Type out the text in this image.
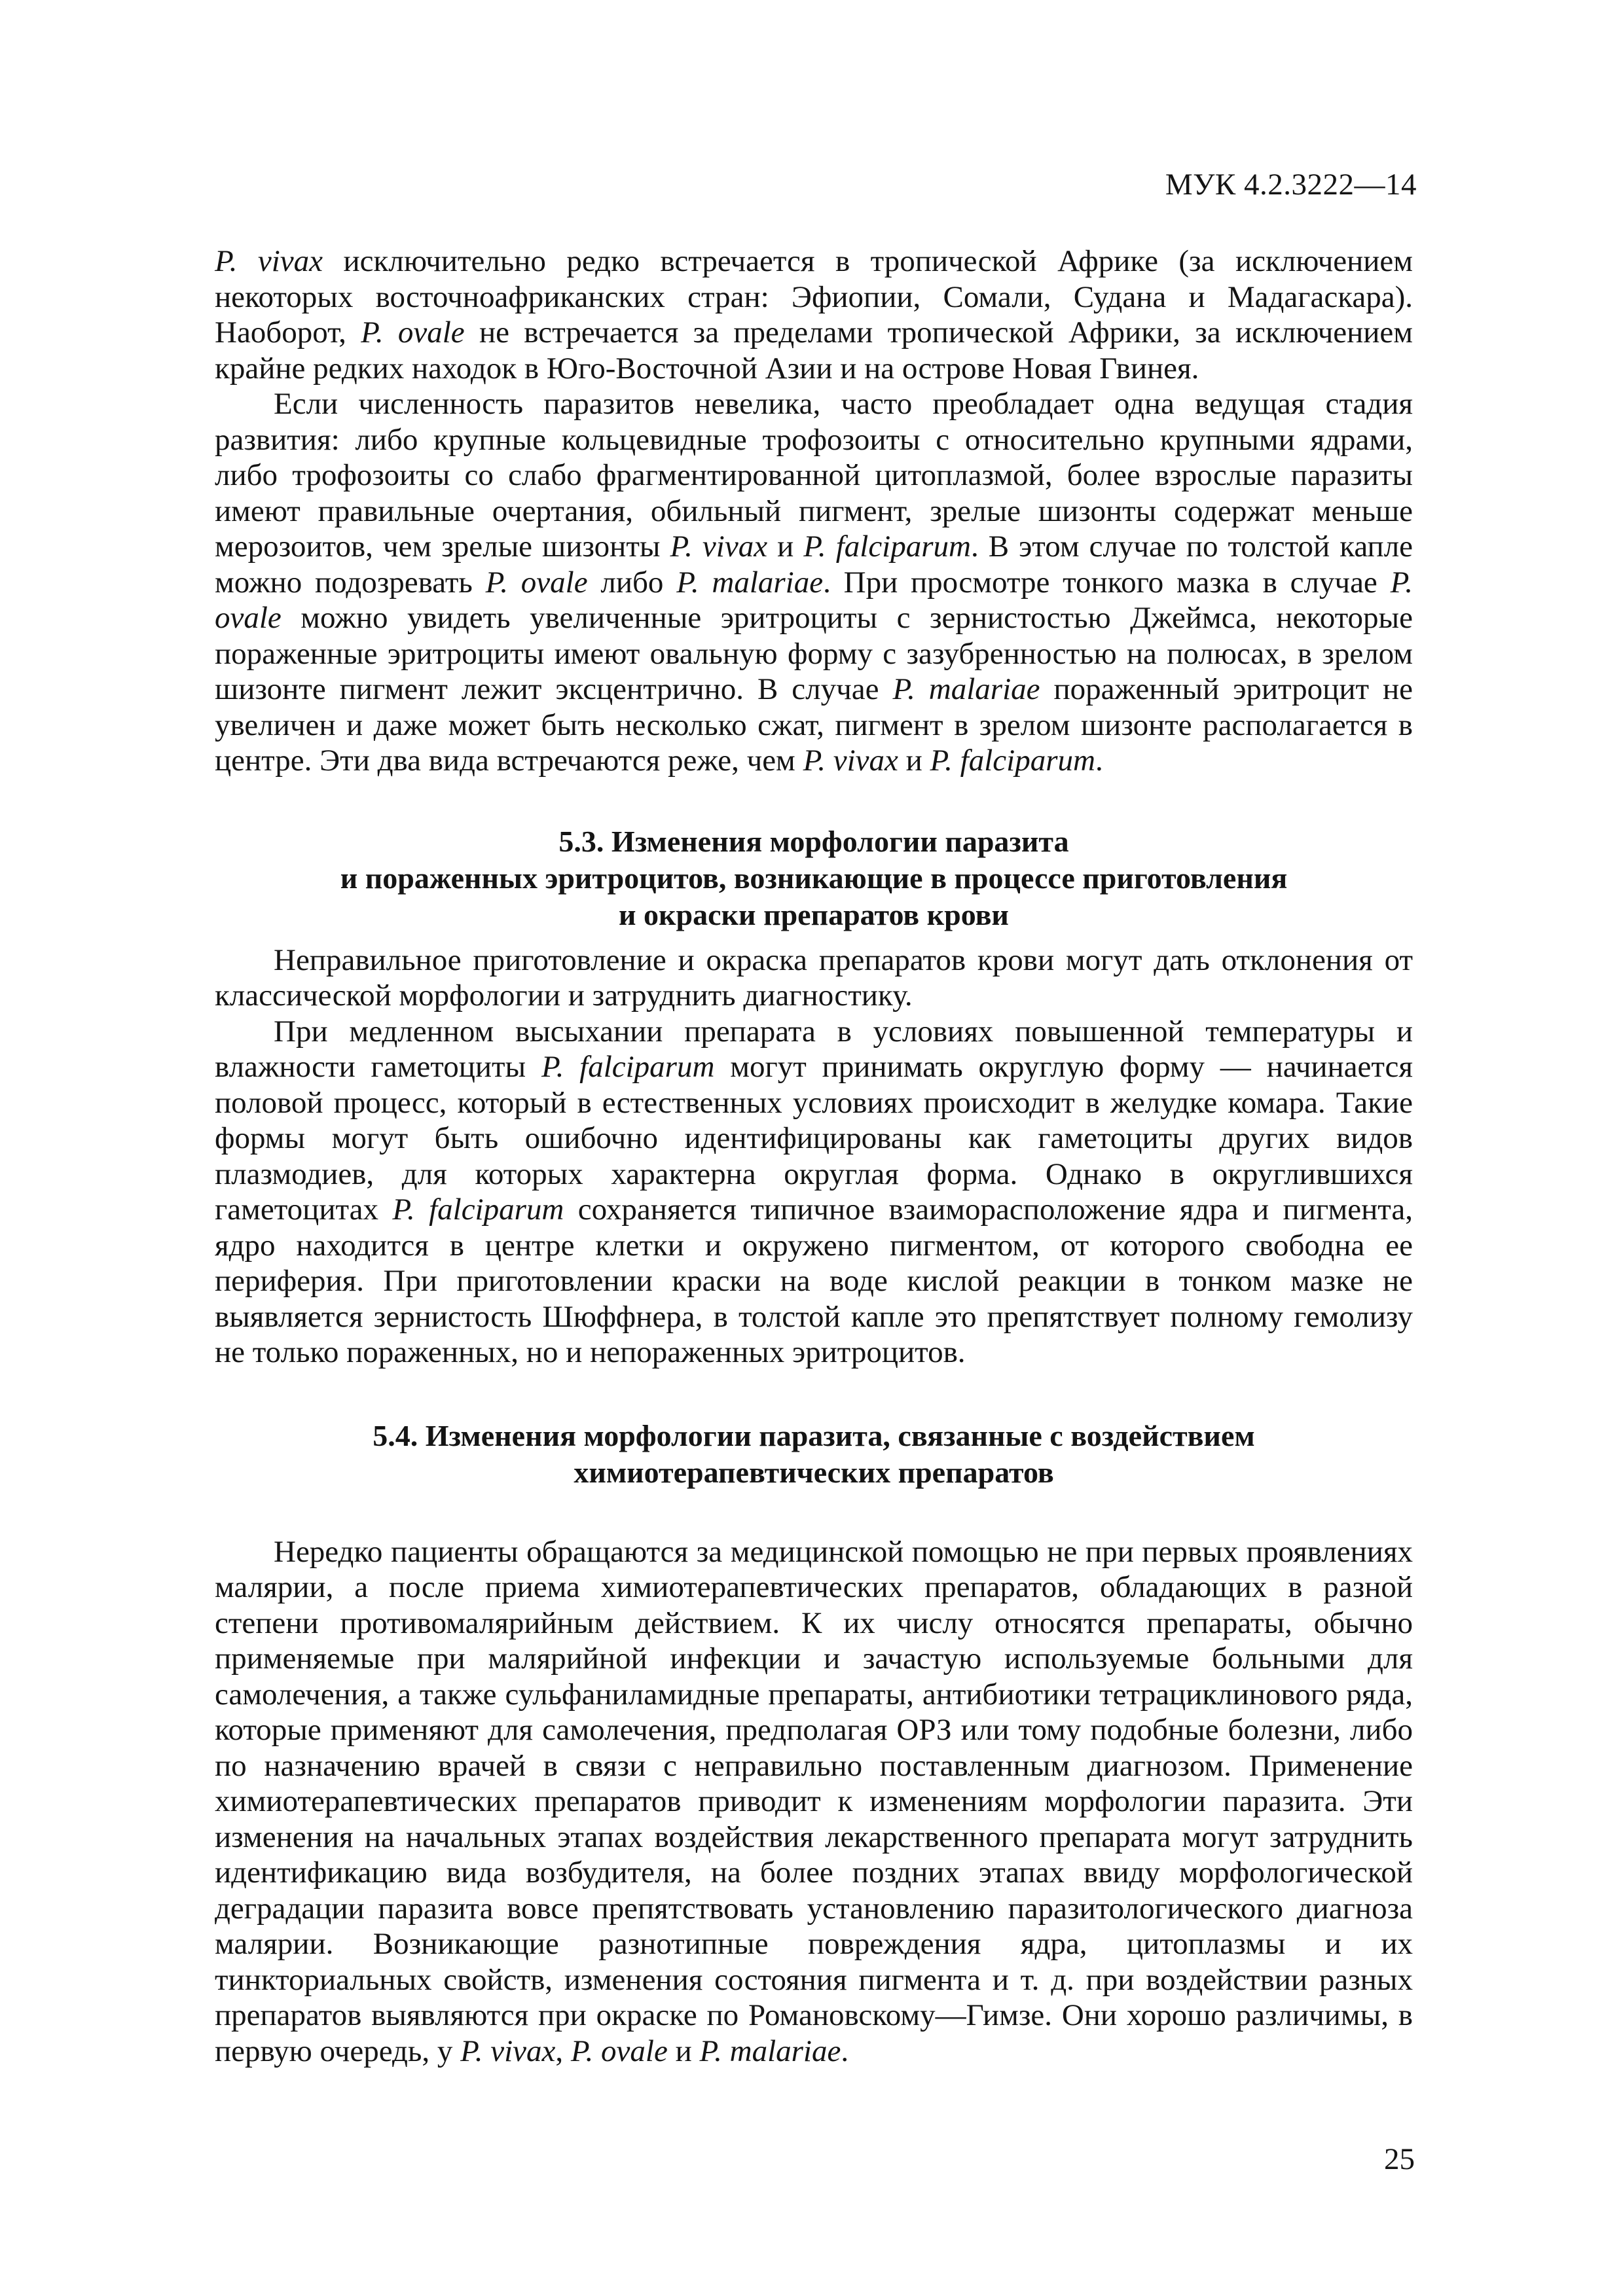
МУК 4.2.3222—14

P. vivax исключительно редко встречается в тропической Африке (за исключением некоторых восточноафриканских стран: Эфиопии, Сомали, Судана и Мадагаскара). Наоборот, P. ovale не встречается за пределами тропической Африки, за исключением крайне редких находок в Юго-Восточной Азии и на острове Новая Гвинея.

Если численность паразитов невелика, часто преобладает одна ведущая стадия развития: либо крупные кольцевидные трофозоиты с относительно крупными ядрами, либо трофозоиты со слабо фрагментированной цитоплазмой, более взрослые паразиты имеют правильные очертания, обильный пигмент, зрелые шизонты содержат меньше мерозоитов, чем зрелые шизонты P. vivax и P. falciparum. В этом случае по толстой капле можно подозревать P. ovale либо P. malariae. При просмотре тонкого мазка в случае P. ovale можно увидеть увеличенные эритроциты с зернистостью Джеймса, некоторые пораженные эритроциты имеют овальную форму с зазубренностью на полюсах, в зрелом шизонте пигмент лежит эксцентрично. В случае P. malariae пораженный эритроцит не увеличен и даже может быть несколько сжат, пигмент в зрелом шизонте располагается в центре. Эти два вида встречаются реже, чем P. vivax и P. falciparum.

5.3. Изменения морфологии паразита
и пораженных эритроцитов, возникающие в процессе приготовления
и окраски препаратов крови

Неправильное приготовление и окраска препаратов крови могут дать отклонения от классической морфологии и затруднить диагностику.

При медленном высыхании препарата в условиях повышенной температуры и влажности гаметоциты P. falciparum могут принимать округлую форму — начинается половой процесс, который в естественных условиях происходит в желудке комара. Такие формы могут быть ошибочно идентифицированы как гаметоциты других видов плазмодиев, для которых характерна округлая форма. Однако в округлившихся гаметоцитах P. falciparum сохраняется типичное взаиморасположение ядра и пигмента, ядро находится в центре клетки и окружено пигментом, от которого свободна ее периферия. При приготовлении краски на воде кислой реакции в тонком мазке не выявляется зернистость Шюффнера, в толстой капле это препятствует полному гемолизу не только пораженных, но и непораженных эритроцитов.

5.4. Изменения морфологии паразита, связанные с воздействием
химиотерапевтических препаратов

Нередко пациенты обращаются за медицинской помощью не при первых проявлениях малярии, а после приема химиотерапевтических препаратов, обладающих в разной степени противомалярийным действием. К их числу относятся препараты, обычно применяемые при малярийной инфекции и зачастую используемые больными для самолечения, а также сульфаниламидные препараты, антибиотики тетрациклинового ряда, которые применяют для самолечения, предполагая ОРЗ или тому подобные болезни, либо по назначению врачей в связи с неправильно поставленным диагнозом. Применение химиотерапевтических препаратов приводит к изменениям морфологии паразита. Эти изменения на начальных этапах воздействия лекарственного препарата могут затруднить идентификацию вида возбудителя, на более поздних этапах ввиду морфологической деградации паразита вовсе препятствовать установлению паразитологического диагноза малярии. Возникающие разнотипные повреждения ядра, цитоплазмы и их тинкториальных свойств, изменения состояния пигмента и т. д. при воздействии разных препаратов выявляются при окраске по Романовскому—Гимзе. Они хорошо различимы, в первую очередь, у P. vivax, P. ovale и P. malariae.

25
